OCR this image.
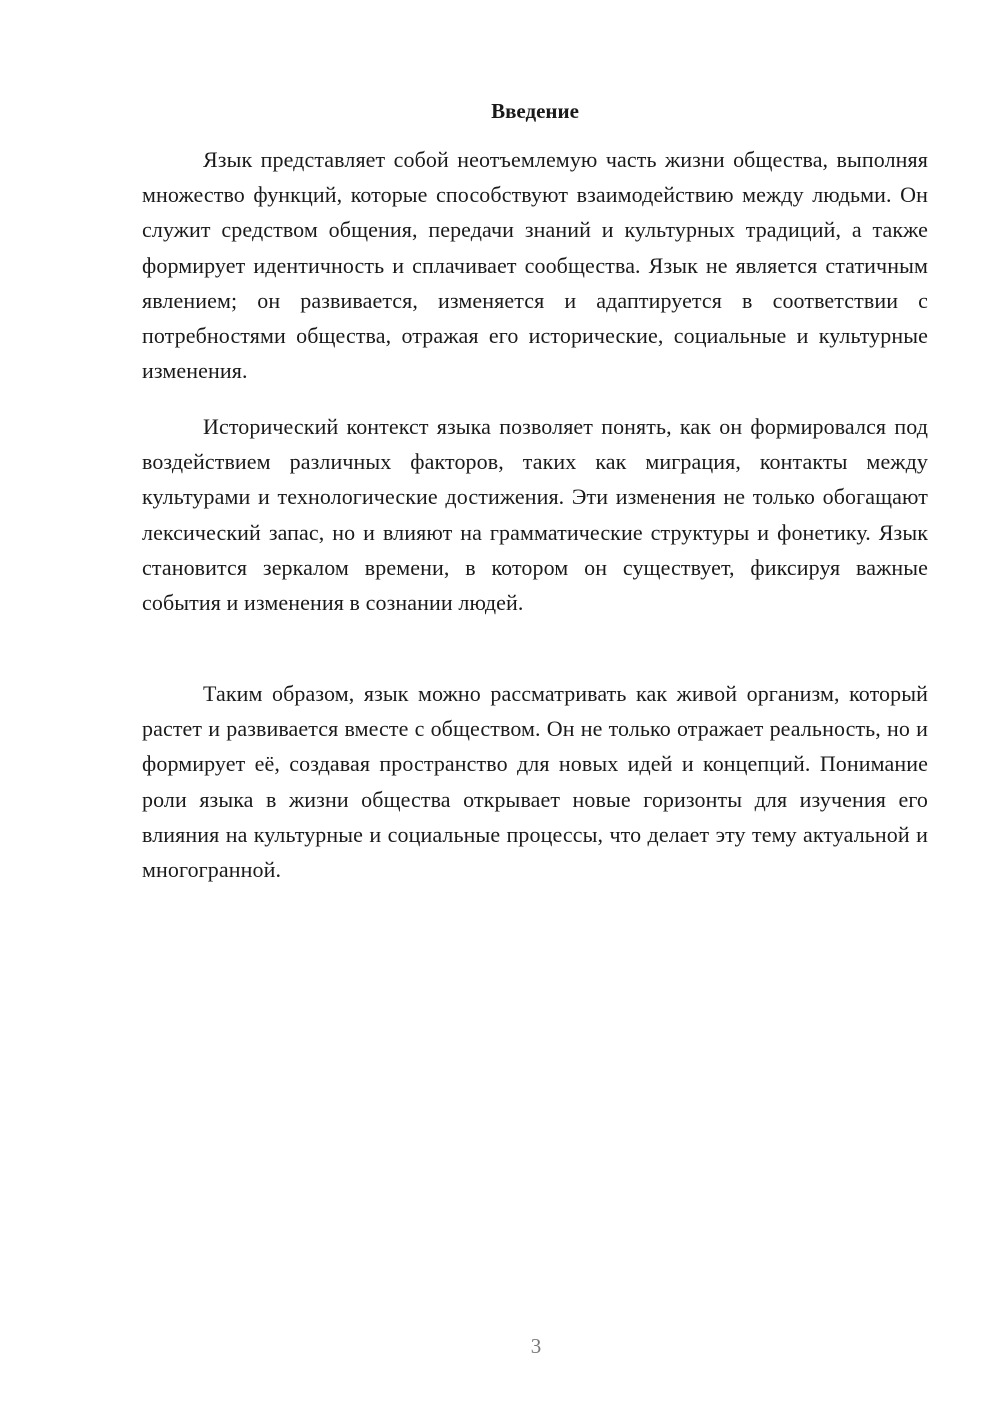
Введение

Язык представляет собой неотъемлемую часть жизни общества, выполняя множество функций, которые способствуют взаимодействию между людьми. Он служит средством общения, передачи знаний и культурных традиций, а также формирует идентичность и сплачивает сообщества. Язык не является статичным явлением; он развивается, изменяется и адаптируется в соответствии с потребностями общества, отражая его исторические, социальные и культурные изменения.

Исторический контекст языка позволяет понять, как он формировался под воздействием различных факторов, таких как миграция, контакты между культурами и технологические достижения. Эти изменения не только обогащают лексический запас, но и влияют на грамматические структуры и фонетику. Язык становится зеркалом времени, в котором он существует, фиксируя важные события и изменения в сознании людей.

Таким образом, язык можно рассматривать как живой организм, который растет и развивается вместе с обществом. Он не только отражает реальность, но и формирует её, создавая пространство для новых идей и концепций. Понимание роли языка в жизни общества открывает новые горизонты для изучения его влияния на культурные и социальные процессы, что делает эту тему актуальной и многогранной.

3
